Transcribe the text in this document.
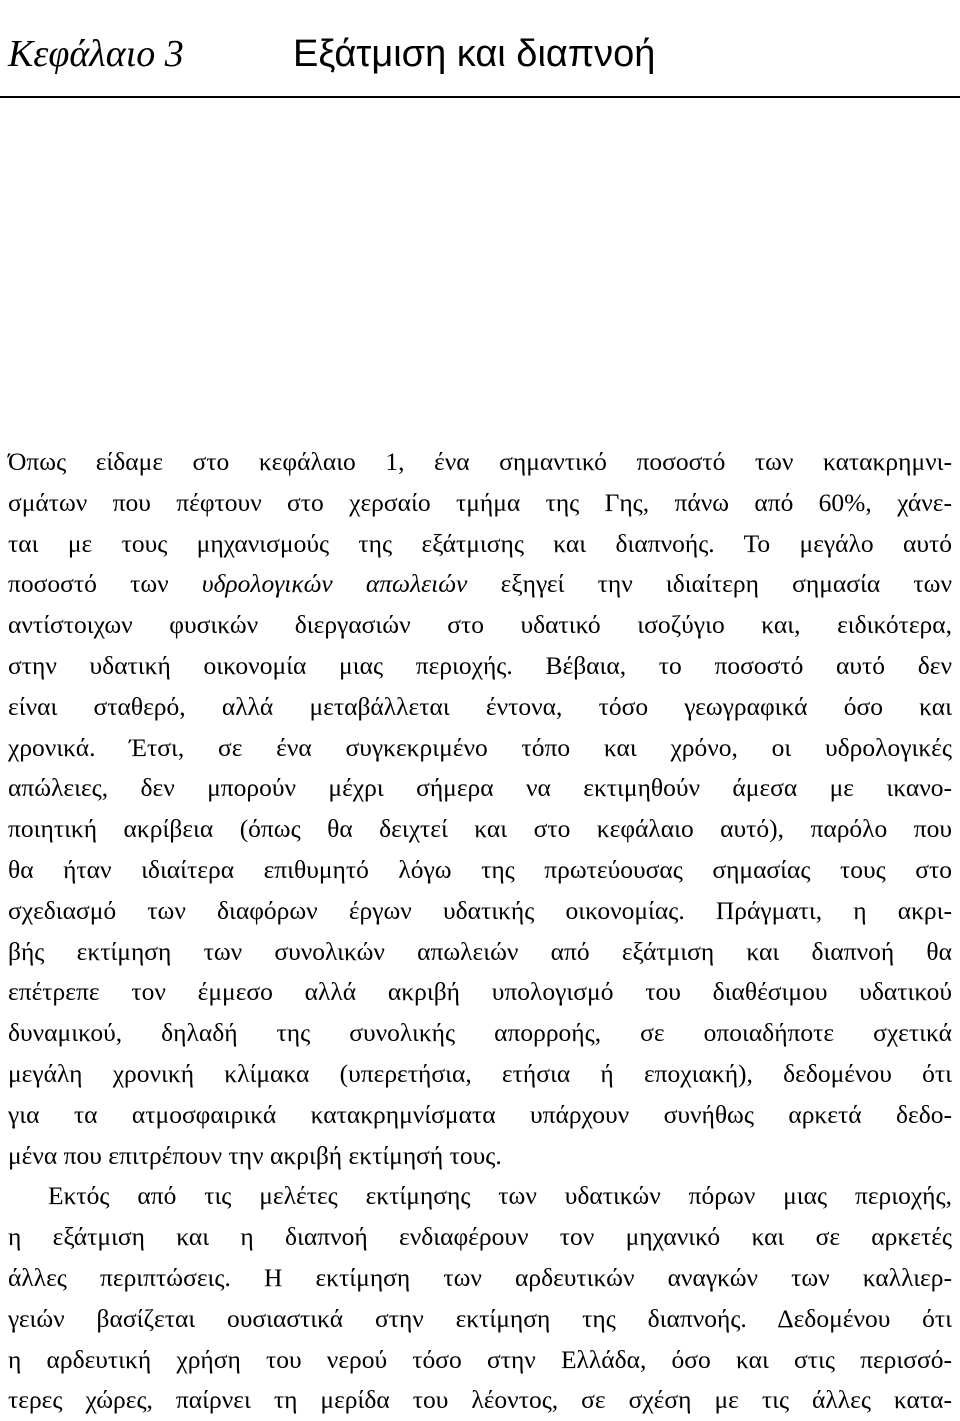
Κεφάλαιο 3	Εξάτμιση και διαπνοή
Όπως είδαμε στο κεφάλαιο 1, ένα σημαντικό ποσοστό των κατακρημνι-
σμάτων που πέφτουν στο χερσαίο τμήμα της Γης, πάνω από 60%, χάνε-
ται με τους μηχανισμούς της εξάτμισης και διαπνοής. Το μεγάλο αυτό
ποσοστό των υδρολογικών απωλειών εξηγεί την ιδιαίτερη σημασία των
αντίστοιχων φυσικών διεργασιών στο υδατικό ισοζύγιο και, ειδικότερα,
στην υδατική οικονομία μιας περιοχής. Βέβαια, το ποσοστό αυτό δεν
είναι σταθερό, αλλά μεταβάλλεται έντονα, τόσο γεωγραφικά όσο και
χρονικά. Έτσι, σε ένα συγκεκριμένο τόπο και χρόνο, οι υδρολογικές
απώλειες, δεν μπορούν μέχρι σήμερα να εκτιμηθούν άμεσα με ικανο-
ποιητική ακρίβεια (όπως θα δειχτεί και στο κεφάλαιο αυτό), παρόλο που
θα ήταν ιδιαίτερα επιθυμητό λόγω της πρωτεύουσας σημασίας τους στο
σχεδιασμό των διαφόρων έργων υδατικής οικονομίας. Πράγματι, η ακρι-
βής εκτίμηση των συνολικών απωλειών από εξάτμιση και διαπνοή θα
επέτρεπε τον έμμεσο αλλά ακριβή υπολογισμό του διαθέσιμου υδατικού
δυναμικού, δηλαδή της συνολικής απορροής, σε οποιαδήποτε σχετικά
μεγάλη χρονική κλίμακα (υπερετήσια, ετήσια ή εποχιακή), δεδομένου ότι
για τα ατμοσφαιρικά κατακρημνίσματα υπάρχουν συνήθως αρκετά δεδο-
μένα που επιτρέπουν την ακριβή εκτίμησή τους.
Εκτός από τις μελέτες εκτίμησης των υδατικών πόρων μιας περιοχής,
η εξάτμιση και η διαπνοή ενδιαφέρουν τον μηχανικό και σε αρκετές
άλλες περιπτώσεις. Η εκτίμηση των αρδευτικών αναγκών των καλλιερ-
γειών βασίζεται ουσιαστικά στην εκτίμηση της διαπνοής. Δεδομένου ότι
η αρδευτική χρήση του νερού τόσο στην Ελλάδα, όσο και στις περισσό-
τερες χώρες, παίρνει τη μερίδα του λέοντος, σε σχέση με τις άλλες κατα-
